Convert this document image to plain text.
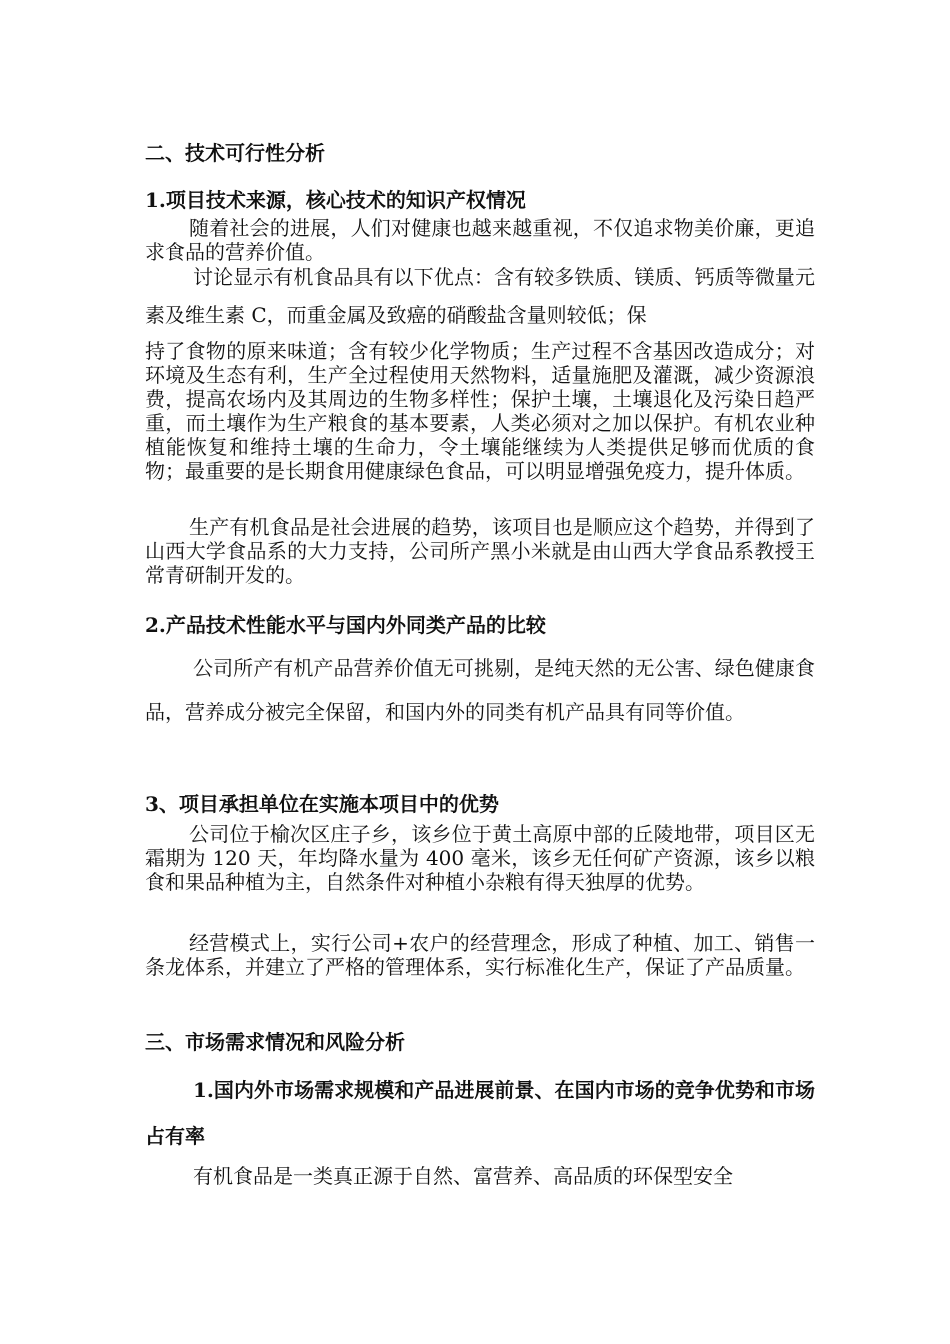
二、技术可行性分析
1.项目技术来源，核心技术的知识产权情况

随着社会的进展，人们对健康也越来越重视，不仅追求物美价廉，更追求食品的营养价值。

讨论显示有机食品具有以下优点：含有较多铁质、镁质、钙质等微量元素及维生素 C，而重金属及致癌的硝酸盐含量则较低；保

持了食物的原来味道；含有较少化学物质；生产过程不含基因改造成分；对环境及生态有利，生产全过程使用天然物料，适量施肥及灌溉，减少资源浪费，提高农场内及其周边的生物多样性；保护土壤，土壤退化及污染日趋严重，而土壤作为生产粮食的基本要素，人类必须对之加以保护。有机农业种植能恢复和维持土壤的生命力，令土壤能继续为人类提供足够而优质的食物；最重要的是长期食用健康绿色食品，可以明显增强免疫力，提升体质。

生产有机食品是社会进展的趋势，该项目也是顺应这个趋势，并得到了山西大学食品系的大力支持，公司所产黑小米就是由山西大学食品系教授王常青研制开发的。

2.产品技术性能水平与国内外同类产品的比较

公司所产有机产品营养价值无可挑剔，是纯天然的无公害、绿色健康食品，营养成分被完全保留，和国内外的同类有机产品具有同等价值。

3、项目承担单位在实施本项目中的优势

公司位于榆次区庄子乡，该乡位于黄土高原中部的丘陵地带，项目区无霜期为 120 天，年均降水量为 400 毫米，该乡无任何矿产资源，该乡以粮食和果品种植为主，自然条件对种植小杂粮有得天独厚的优势。

经营模式上，实行公司+农户的经营理念，形成了种植、加工、销售一条龙体系，并建立了严格的管理体系，实行标准化生产，保证了产品质量。

三、市场需求情况和风险分析
1.国内外市场需求规模和产品进展前景、在国内市场的竞争优势和市场占有率

有机食品是一类真正源于自然、富营养、高品质的环保型安全
